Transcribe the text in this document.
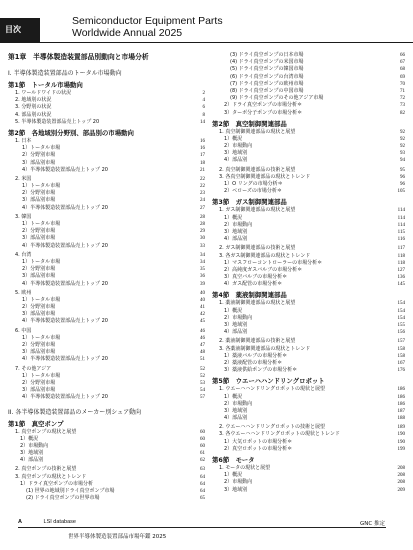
目次
Semiconductor Equipment Parts
Worldwide Annual 2025
第1章　半導体製造装置部品別動向と市場分析
I. 半導体製造装置部品のトータル市場動向
第1節　トータル市場動向
1. ワールドワイドの状況	2
2. 地域別の状況	4
3. 分野別の状況	6
4. 部品別の状況	8
5. 半導体製造装置部品売上トップ 20	14
第2節　各地域別分野別、部品別の市場動向
1. 日本	16
1）トータル市場	16
2）分野別市場	17
3）部品別市場	18
4）半導体製造装置部品売上トップ 20	21
2. 米国	22
1）トータル市場	22
2）分野別市場	23
3）部品別市場	24
4）半導体製造装置部品売上トップ 20	27
3. 韓国	28
1）トータル市場	28
2）分野別市場	29
3）部品別市場	30
4）半導体製造装置部品売上トップ 20	33
4. 台湾	34
1）トータル市場	34
2）分野別市場	35
3）部品別市場	36
4）半導体製造装置部品売上トップ 20	39
5. 欧州	40
1）トータル市場	40
2）分野別市場	41
3）部品別市場	42
4）半導体製造装置部品売上トップ 20	45
6. 中国	46
1）トータル市場	46
2）分野別市場	47
3）部品別市場	48
4）半導体製造装置部品売上トップ 20	51
7. その他アジア	52
1）トータル市場	52
2）分野別市場	53
3）部品別市場	54
4）半導体製造装置部品売上トップ 20	57
II. 各半導体製造装置部品のメーカー別シェア動向
第1節　真空ポンプ
1. 真空ポンプの現状と展望	60
1）概況	60
2）市場動向	60
3）地域別	61
4）部品別	62
2. 真空ポンプの技術と展望	63
3. 真空ポンプの現状とトレンド	64
1）ドライ真空ポンプの市場分析	64
(1) 世界の地域別ドライ真空ポンプ市場	64
(2) ドライ真空ポンプの世界市場	65
(3) ドライ真空ポンプの日本市場	66
(4) ドライ真空ポンプの米国市場	67
(5) ドライ真空ポンプの韓国市場	68
(6) ドライ真空ポンプの台湾市場	69
(7) ドライ真空ポンプの欧州市場	70
(8) ドライ真空ポンプの中国市場	71
(9) ドライ真空ポンプのその他アジア市場	72
2）ドライ真空ポンプの市場分析＊	73
3）ターボ分子ポンプの市場分析＊	82
第2節　真空制御関連部品
1. 真空制御関連部品の現状と展望	92
1）概況	92
2）市場動向	92
3）地域別	93
4）部品別	94
2. 真空制御関連部品の技術と展望	95
3. 各真空制御関連部品の現状とトレンド	96
1）O リングの市場分析＊	96
2）ベローズの市場分析＊	105
第3節　ガス制御関連部品
1. ガス制御関連部品の現状と展望	114
1）概況	114
2）市場動向	114
3）地域別	115
4）部品別	116
2. ガス制御関連部品の技術と展望	117
3. 各ガス制御関連部品の現状とトレンド	118
1）マスフローコントローラーの市場分析＊	118
2）高純度ガスバルブの市場分析＊	127
3）真空バルブの市場分析＊	136
4）ガス配管の市場分析＊	145
第4節　薬液制御関連部品
1. 薬液制御関連部品の現状と展望	154
1）概況	154
2）市場動向	154
3）地域別	155
4）部品別	156
2. 薬液制御関連部品の技術と展望	157
3. 各薬液制御関連部品の現状とトレンド	158
1）薬液バルブの市場分析＊	158
2）薬液配管の市場分析＊	167
3）薬液供給ポンプの市場分析＊	176
第5節　ウエーハハンドリングロボット
1. ウエーハハンドリングロボットの現状と展望	186
1）概況	186
2）市場動向	186
3）地域別	187
4）部品別	188
2. ウエーハハンドリングロボットの技術と展望	189
3. 各ウエーハハンドリングロボットの現状とトレンド	190
1）大気ロボットの市場分析＊	190
2）真空ロボットの市場分析＊	199
第6節　モータ
1. モータの現状と展望	208
1）概況	208
2）市場動向	208
3）地域別	209
A	LSI database	GNC 推定
世界半導体製造装置部品市場年鑑 2025
